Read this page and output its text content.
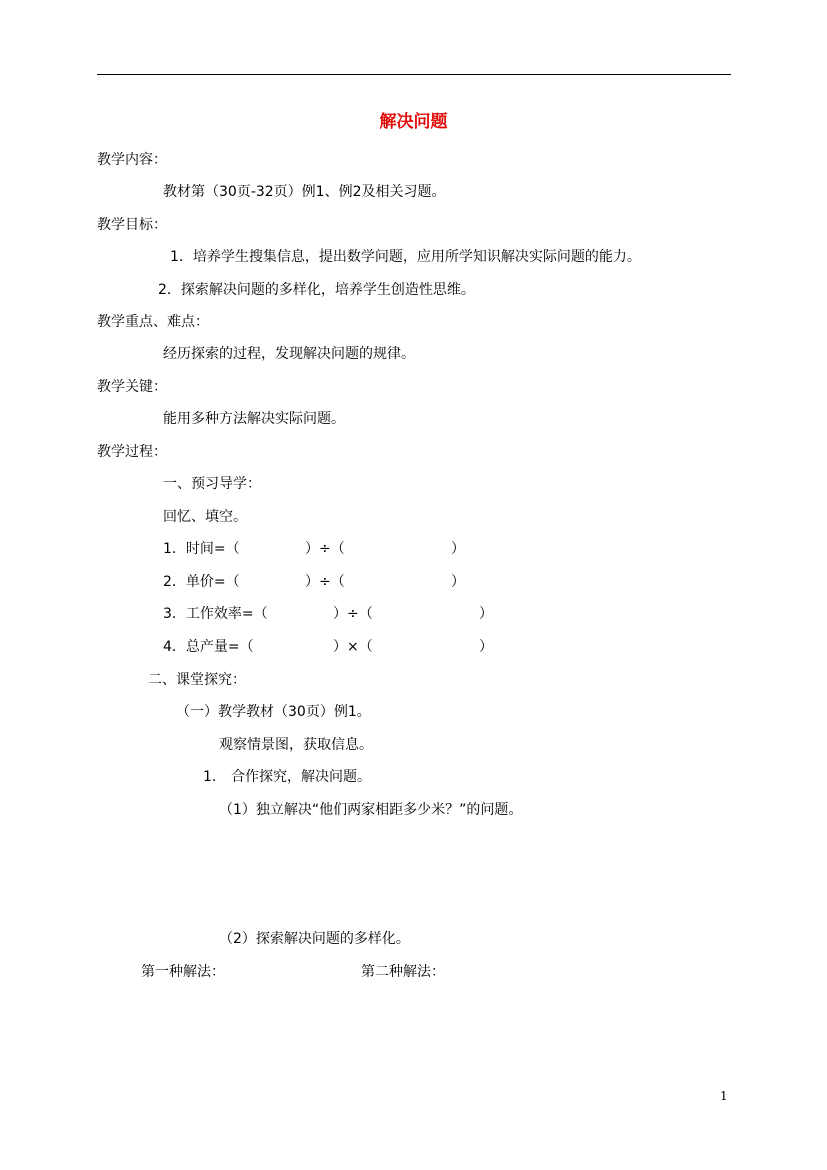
解决问题
教学内容：
教材第（30页-32页）例1、例2及相关习题。
教学目标：
1．培养学生搜集信息，提出数学问题，应用所学知识解决实际问题的能力。
2．探索解决问题的多样化，培养学生创造性思维。
教学重点、难点：
经历探索的过程，发现解决问题的规律。
教学关键：
能用多种方法解决实际问题。
教学过程：
一、预习导学：
回忆、填空。
1．时间=（	）÷（	）
2．单价=（	）÷（	）
3．工作效率=（	）÷（	）
4．总产量=（	）×（	）
二、课堂探究：
（一）教学教材（30页）例1。
观察情景图，获取信息。
1. 合作探究，解决问题。
（1）独立解决“他们两家相距多少米？”的问题。
（2）探索解决问题的多样化。
第一种解法：	第二种解法：
1
